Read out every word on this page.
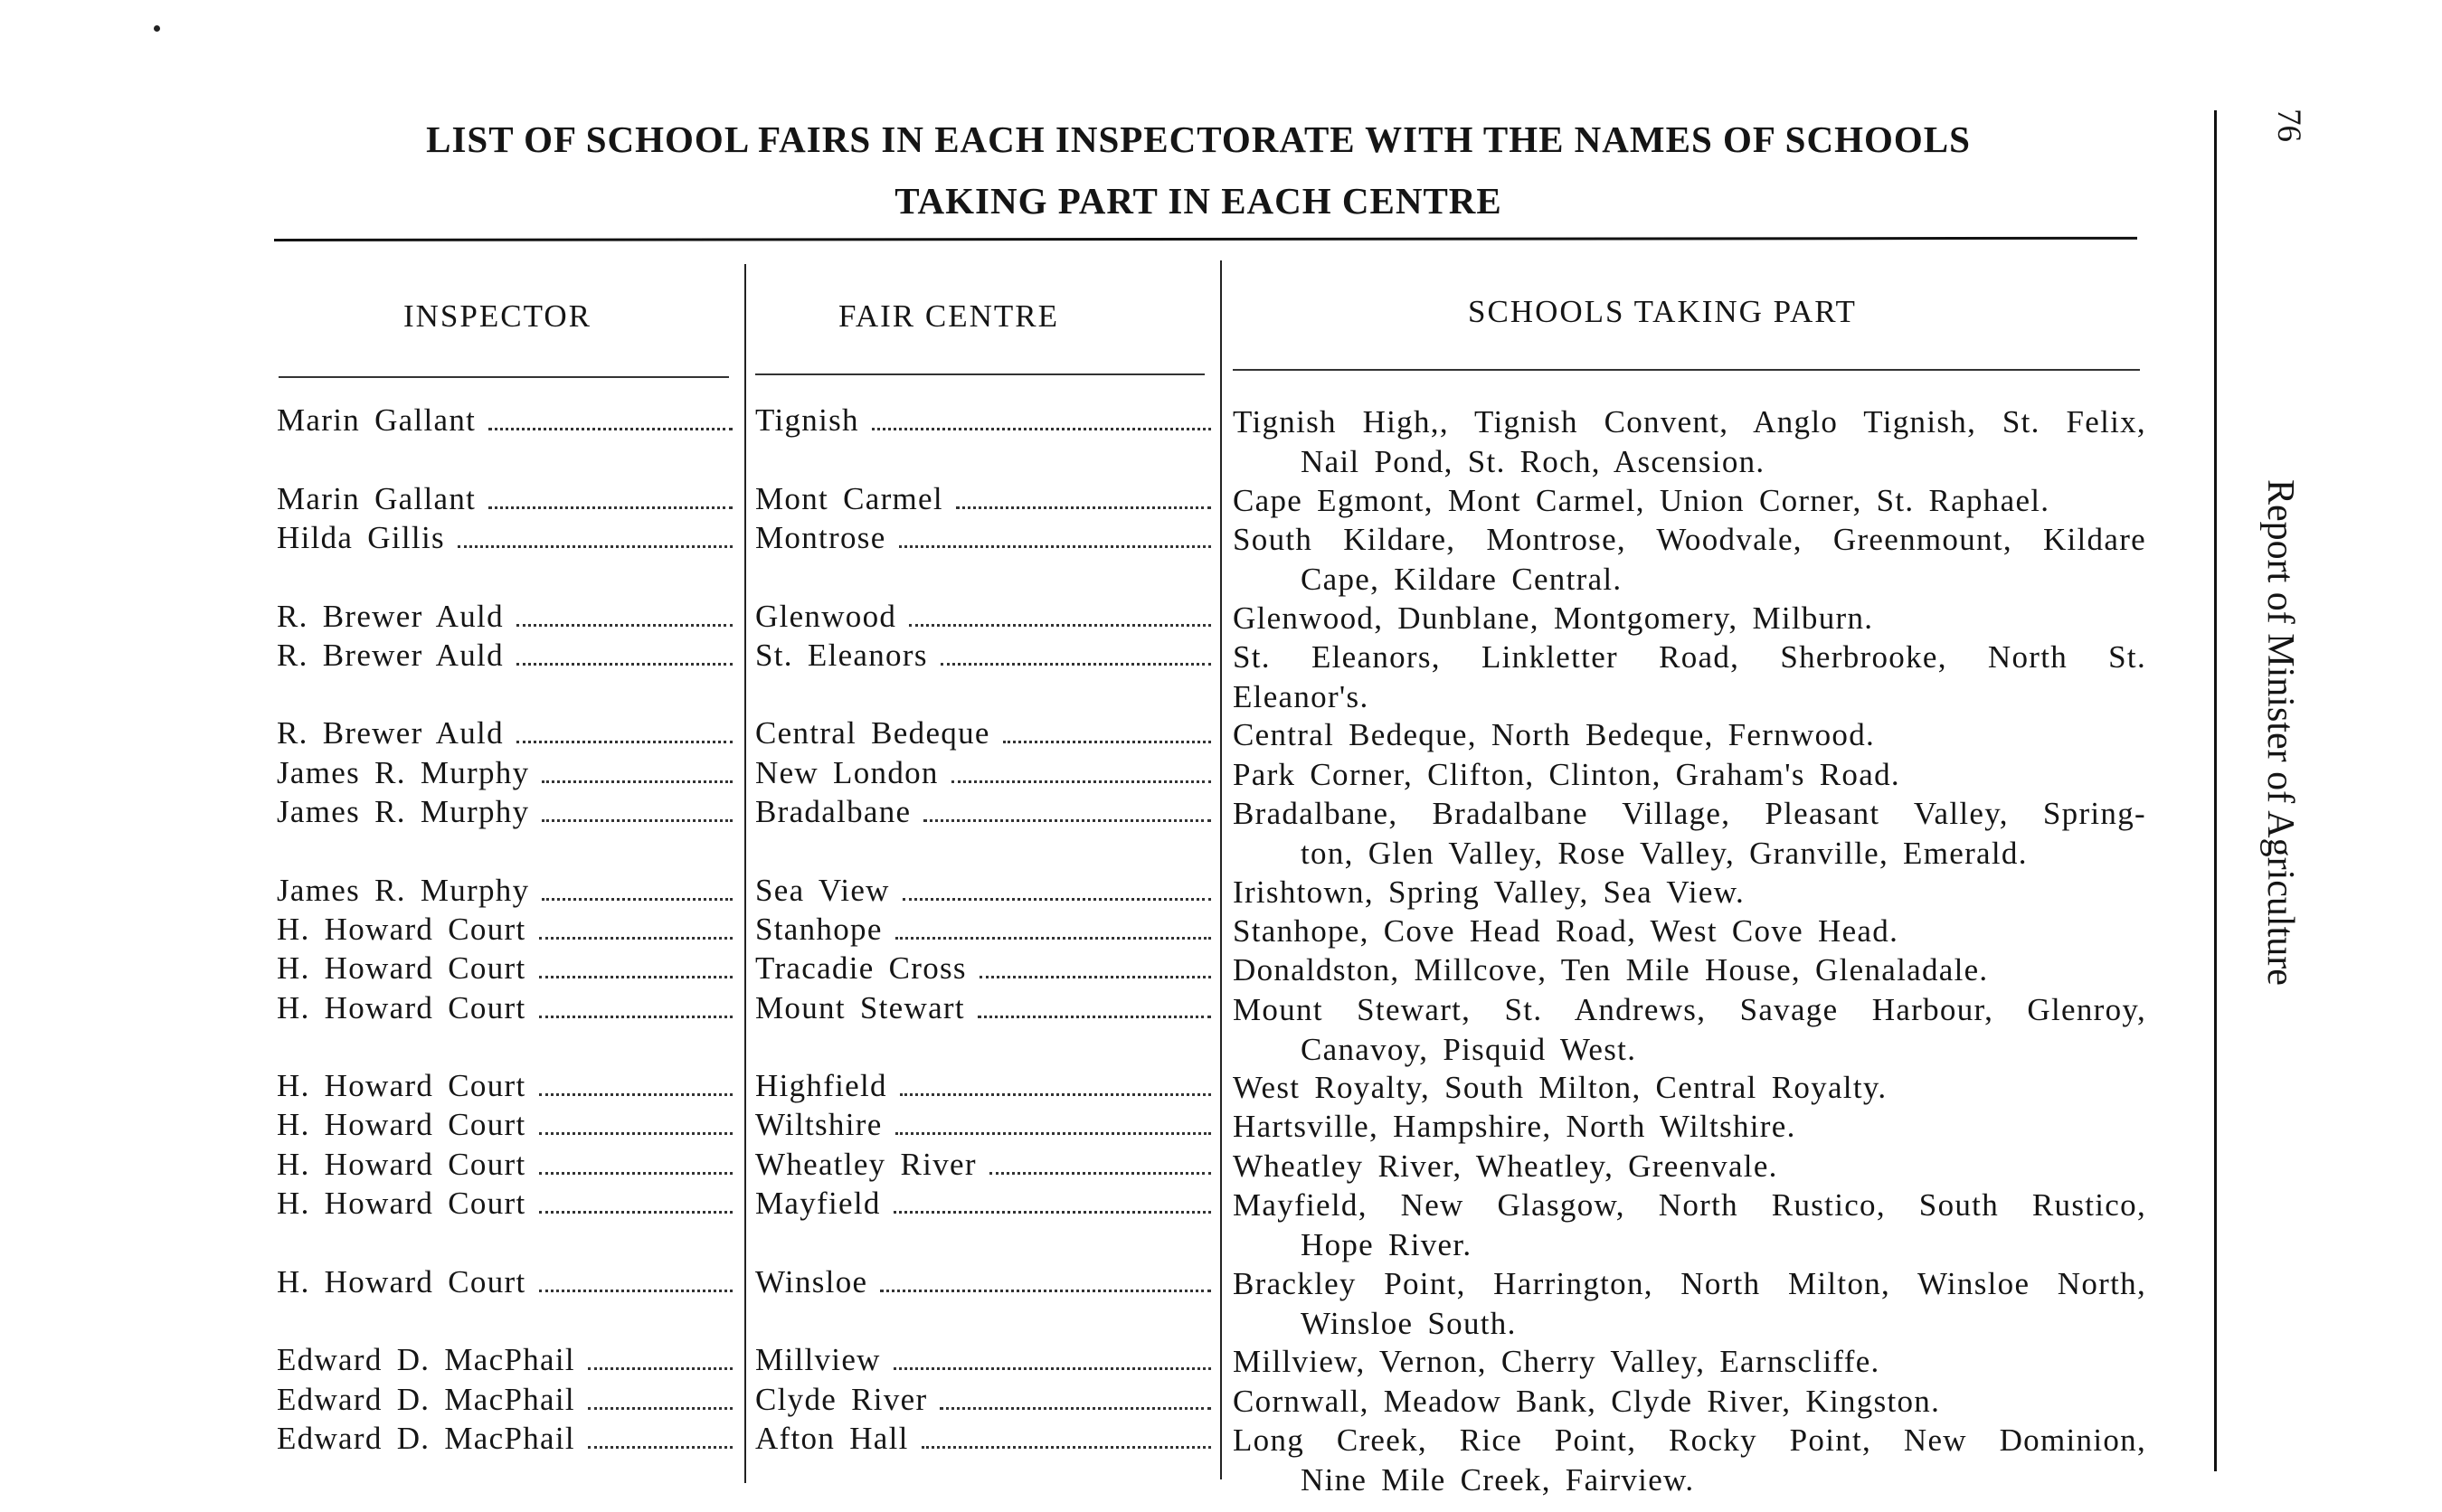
LIST OF SCHOOL FAIRS IN EACH INSPECTORATE WITH THE NAMES OF SCHOOLS
TAKING PART IN EACH CENTRE
76
Report of Minister of Agriculture
INSPECTOR	FAIR CENTRE	SCHOOLS TAKING PART
Marin Gallant	Tignish	Tignish High,, Tignish Convent, Anglo Tignish, St. Felix,
Nail Pond, St. Roch, Ascension.
Marin Gallant	Mont Carmel	Cape Egmont, Mont Carmel, Union Corner, St. Raphael.
Hilda Gillis	Montrose	South Kildare, Montrose, Woodvale, Greenmount, Kildare
Cape, Kildare Central.
R. Brewer Auld	Glenwood	Glenwood, Dunblane, Montgomery, Milburn.
R. Brewer Auld	St. Eleanors	St. Eleanors, Linkletter Road, Sherbrooke, North St.
Eleanor's.
R. Brewer Auld	Central Bedeque	Central Bedeque, North Bedeque, Fernwood.
James R. Murphy	New London	Park Corner, Clifton, Clinton, Graham's Road.
James R. Murphy	Bradalbane	Bradalbane, Bradalbane Village, Pleasant Valley, Spring-
ton, Glen Valley, Rose Valley, Granville, Emerald.
James R. Murphy	Sea View	Irishtown, Spring Valley, Sea View.
H. Howard Court	Stanhope	Stanhope, Cove Head Road, West Cove Head.
H. Howard Court	Tracadie Cross	Donaldston, Millcove, Ten Mile House, Glenaladale.
H. Howard Court	Mount Stewart	Mount Stewart, St. Andrews, Savage Harbour, Glenroy,
Canavoy, Pisquid West.
H. Howard Court	Highfield	West Royalty, South Milton, Central Royalty.
H. Howard Court	Wiltshire	Hartsville, Hampshire, North Wiltshire.
H. Howard Court	Wheatley River	Wheatley River, Wheatley, Greenvale.
H. Howard Court	Mayfield	Mayfield, New Glasgow, North Rustico, South Rustico,
Hope River.
H. Howard Court	Winsloe	Brackley Point, Harrington, North Milton, Winsloe North,
Winsloe South.
Edward D. MacPhail	Millview	Millview, Vernon, Cherry Valley, Earnscliffe.
Edward D. MacPhail	Clyde River	Cornwall, Meadow Bank, Clyde River, Kingston.
Edward D. MacPhail	Afton Hall	Long Creek, Rice Point, Rocky Point, New Dominion,
Nine Mile Creek, Fairview.
